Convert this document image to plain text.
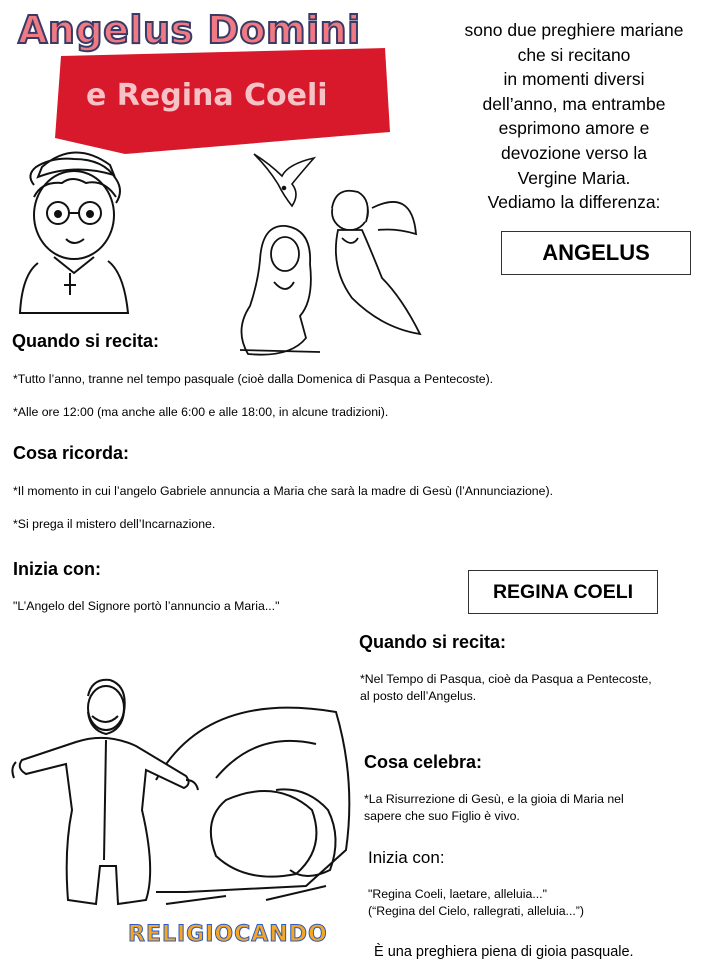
Angelus Domini
e Regina Coeli
sono due preghiere mariane
che si recitano
in momenti diversi
dell’anno, ma entrambe
esprimono amore e
devozione verso la
Vergine Maria.
Vediamo la differenza:
ANGELUS
Quando si recita:
*Tutto l’anno, tranne nel tempo pasquale (cioè dalla Domenica di Pasqua a Pentecoste).
*Alle ore 12:00 (ma anche alle 6:00 e alle 18:00, in alcune tradizioni).
Cosa ricorda:
*Il momento in cui l’angelo Gabriele annuncia a Maria che sarà la madre di Gesù (l’Annunciazione).
*Si prega il mistero dell’Incarnazione.
Inizia con:
"L’Angelo del Signore portò l’annuncio a Maria..."
REGINA COELI
Quando si recita:
*Nel Tempo di Pasqua, cioè da Pasqua a Pentecoste,
al posto dell’Angelus.
Cosa celebra:
*La Risurrezione di Gesù, e la gioia di Maria nel
sapere che suo Figlio è vivo.
Inizia con:
"Regina Coeli, laetare, alleluia..."
(“Regina del Cielo, rallegrati, alleluia...”)
È una preghiera piena di gioia pasquale.
RELIGIOCANDO
